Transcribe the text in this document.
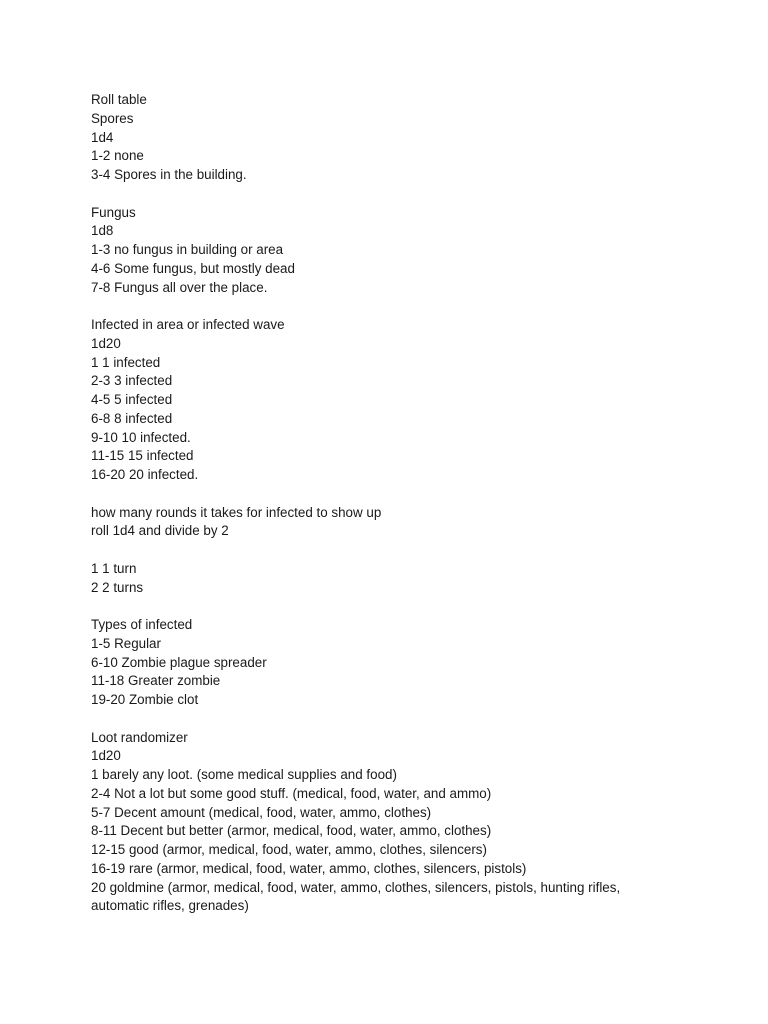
Roll table
Spores
1d4
1-2 none
3-4 Spores in the building.
Fungus
1d8
1-3 no fungus in building or area
4-6 Some fungus, but mostly dead
7-8 Fungus all over the place.
Infected in area or infected wave
1d20
1 1 infected
2-3 3 infected
4-5 5 infected
6-8 8 infected
9-10 10 infected.
11-15 15 infected
16-20 20 infected.
how many rounds it takes for infected to show up
roll 1d4 and divide by 2
1 1 turn
2 2 turns
Types of infected
1-5 Regular
6-10 Zombie plague spreader
11-18 Greater zombie
19-20 Zombie clot
Loot randomizer
1d20
1 barely any loot. (some medical supplies and food)
2-4 Not a lot but some good stuff. (medical, food, water, and ammo)
5-7 Decent amount (medical, food, water, ammo, clothes)
8-11 Decent but better (armor, medical, food, water, ammo, clothes)
12-15 good (armor, medical, food, water, ammo, clothes, silencers)
16-19 rare (armor, medical, food, water, ammo, clothes, silencers, pistols)
20 goldmine (armor, medical, food, water, ammo, clothes, silencers, pistols, hunting rifles,
automatic rifles, grenades)
